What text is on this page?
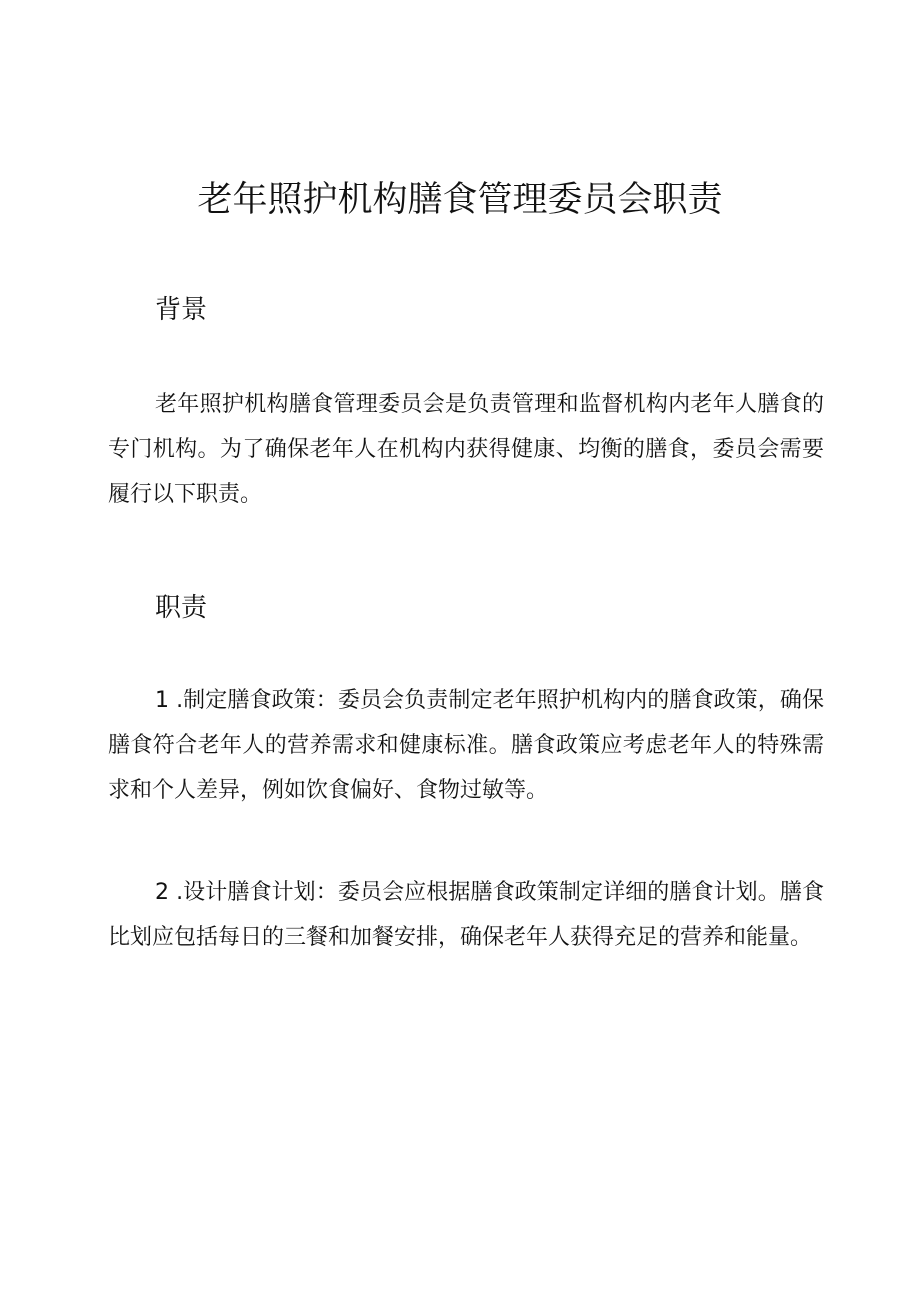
老年照护机构膳食管理委员会职责
背景

老年照护机构膳食管理委员会是负责管理和监督机构内老年人膳食的专门机构。为了确保老年人在机构内获得健康、均衡的膳食，委员会需要履行以下职责。

职责

1 .制定膳食政策：委员会负责制定老年照护机构内的膳食政策，确保膳食符合老年人的营养需求和健康标准。膳食政策应考虑老年人的特殊需求和个人差异，例如饮食偏好、食物过敏等。

2 .设计膳食计划：委员会应根据膳食政策制定详细的膳食计划。膳食比划应包括每日的三餐和加餐安排，确保老年人获得充足的营养和能量。
